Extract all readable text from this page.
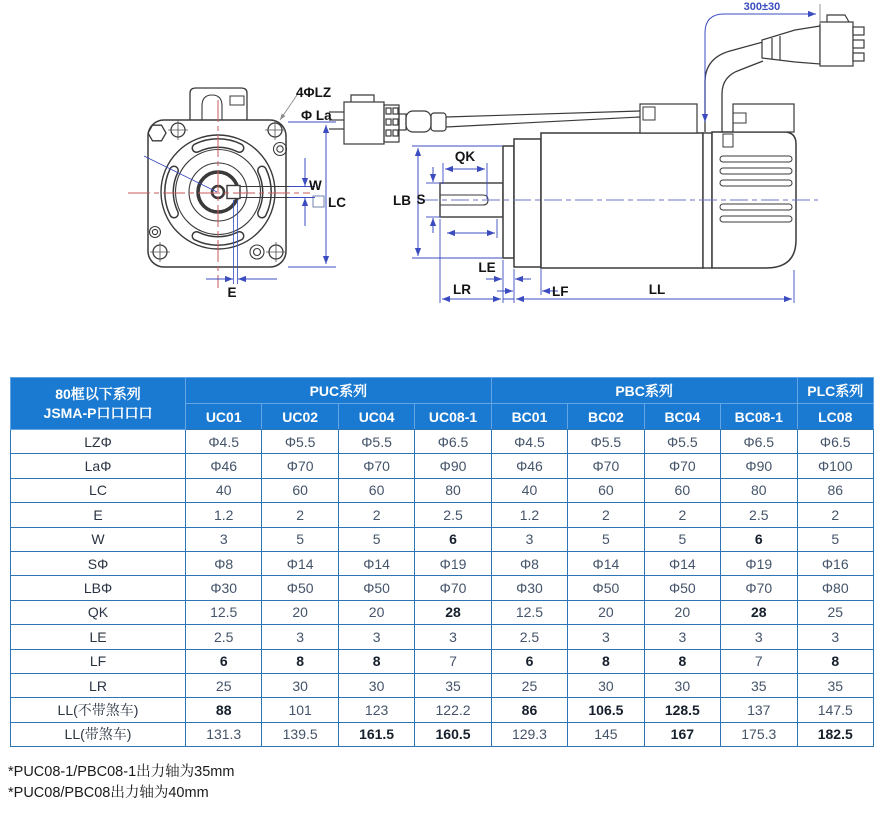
4ΦLZ
Φ La
W
LC
E
QK
S
LB
LE
LR	LF	LL
300±30
80框以下系列
JSMA-P口口口口	PUC系列				PBC系列				PLC系列
	UC01	UC02	UC04	UC08-1	BC01	BC02	BC04	BC08-1	LC08
LZΦ	Φ4.5	Φ5.5	Φ5.5	Φ6.5	Φ4.5	Φ5.5	Φ5.5	Φ6.5	Φ6.5
LaΦ	Φ46	Φ70	Φ70	Φ90	Φ46	Φ70	Φ70	Φ90	Φ100
LC	40	60	60	80	40	60	60	80	86
E	1.2	2	2	2.5	1.2	2	2	2.5	2
W	3	5	5	6	3	5	5	6	5
SΦ	Φ8	Φ14	Φ14	Φ19	Φ8	Φ14	Φ14	Φ19	Φ16
LBΦ	Φ30	Φ50	Φ50	Φ70	Φ30	Φ50	Φ50	Φ70	Φ80
QK	12.5	20	20	28	12.5	20	20	28	25
LE	2.5	3	3	3	2.5	3	3	3	3
LF	6	8	8	7	6	8	8	7	8
LR	25	30	30	35	25	30	30	35	35
LL(不带煞车)	88	101	123	122.2	86	106.5	128.5	137	147.5
LL(带煞车)	131.3	139.5	161.5	160.5	129.3	145	167	175.3	182.5
*PUC08-1/PBC08-1出力轴为35mm
*PUC08/PBC08出力轴为40mm
